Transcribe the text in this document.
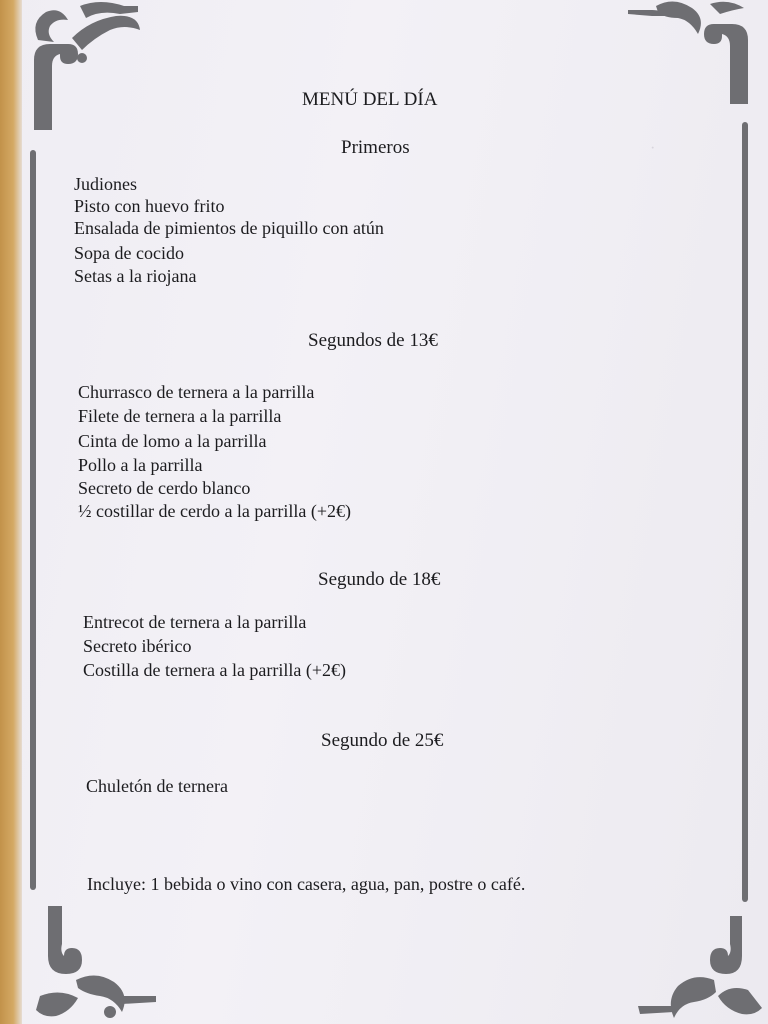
·
MENÚ DEL DÍA
Primeros
Judiones
Pisto con huevo frito
Ensalada de pimientos de piquillo con atún
Sopa de cocido
Setas a la riojana
Segundos de 13€
Churrasco de ternera a la parrilla
Filete de ternera a la parrilla
Cinta de lomo a la parrilla
Pollo a la parrilla
Secreto de cerdo blanco
½ costillar de cerdo a la parrilla (+2€)
Segundo de 18€
Entrecot de ternera a la parrilla
Secreto ibérico
Costilla de ternera a la parrilla (+2€)
Segundo de 25€
Chuletón de ternera
Incluye: 1 bebida o vino con casera, agua, pan, postre o café.
